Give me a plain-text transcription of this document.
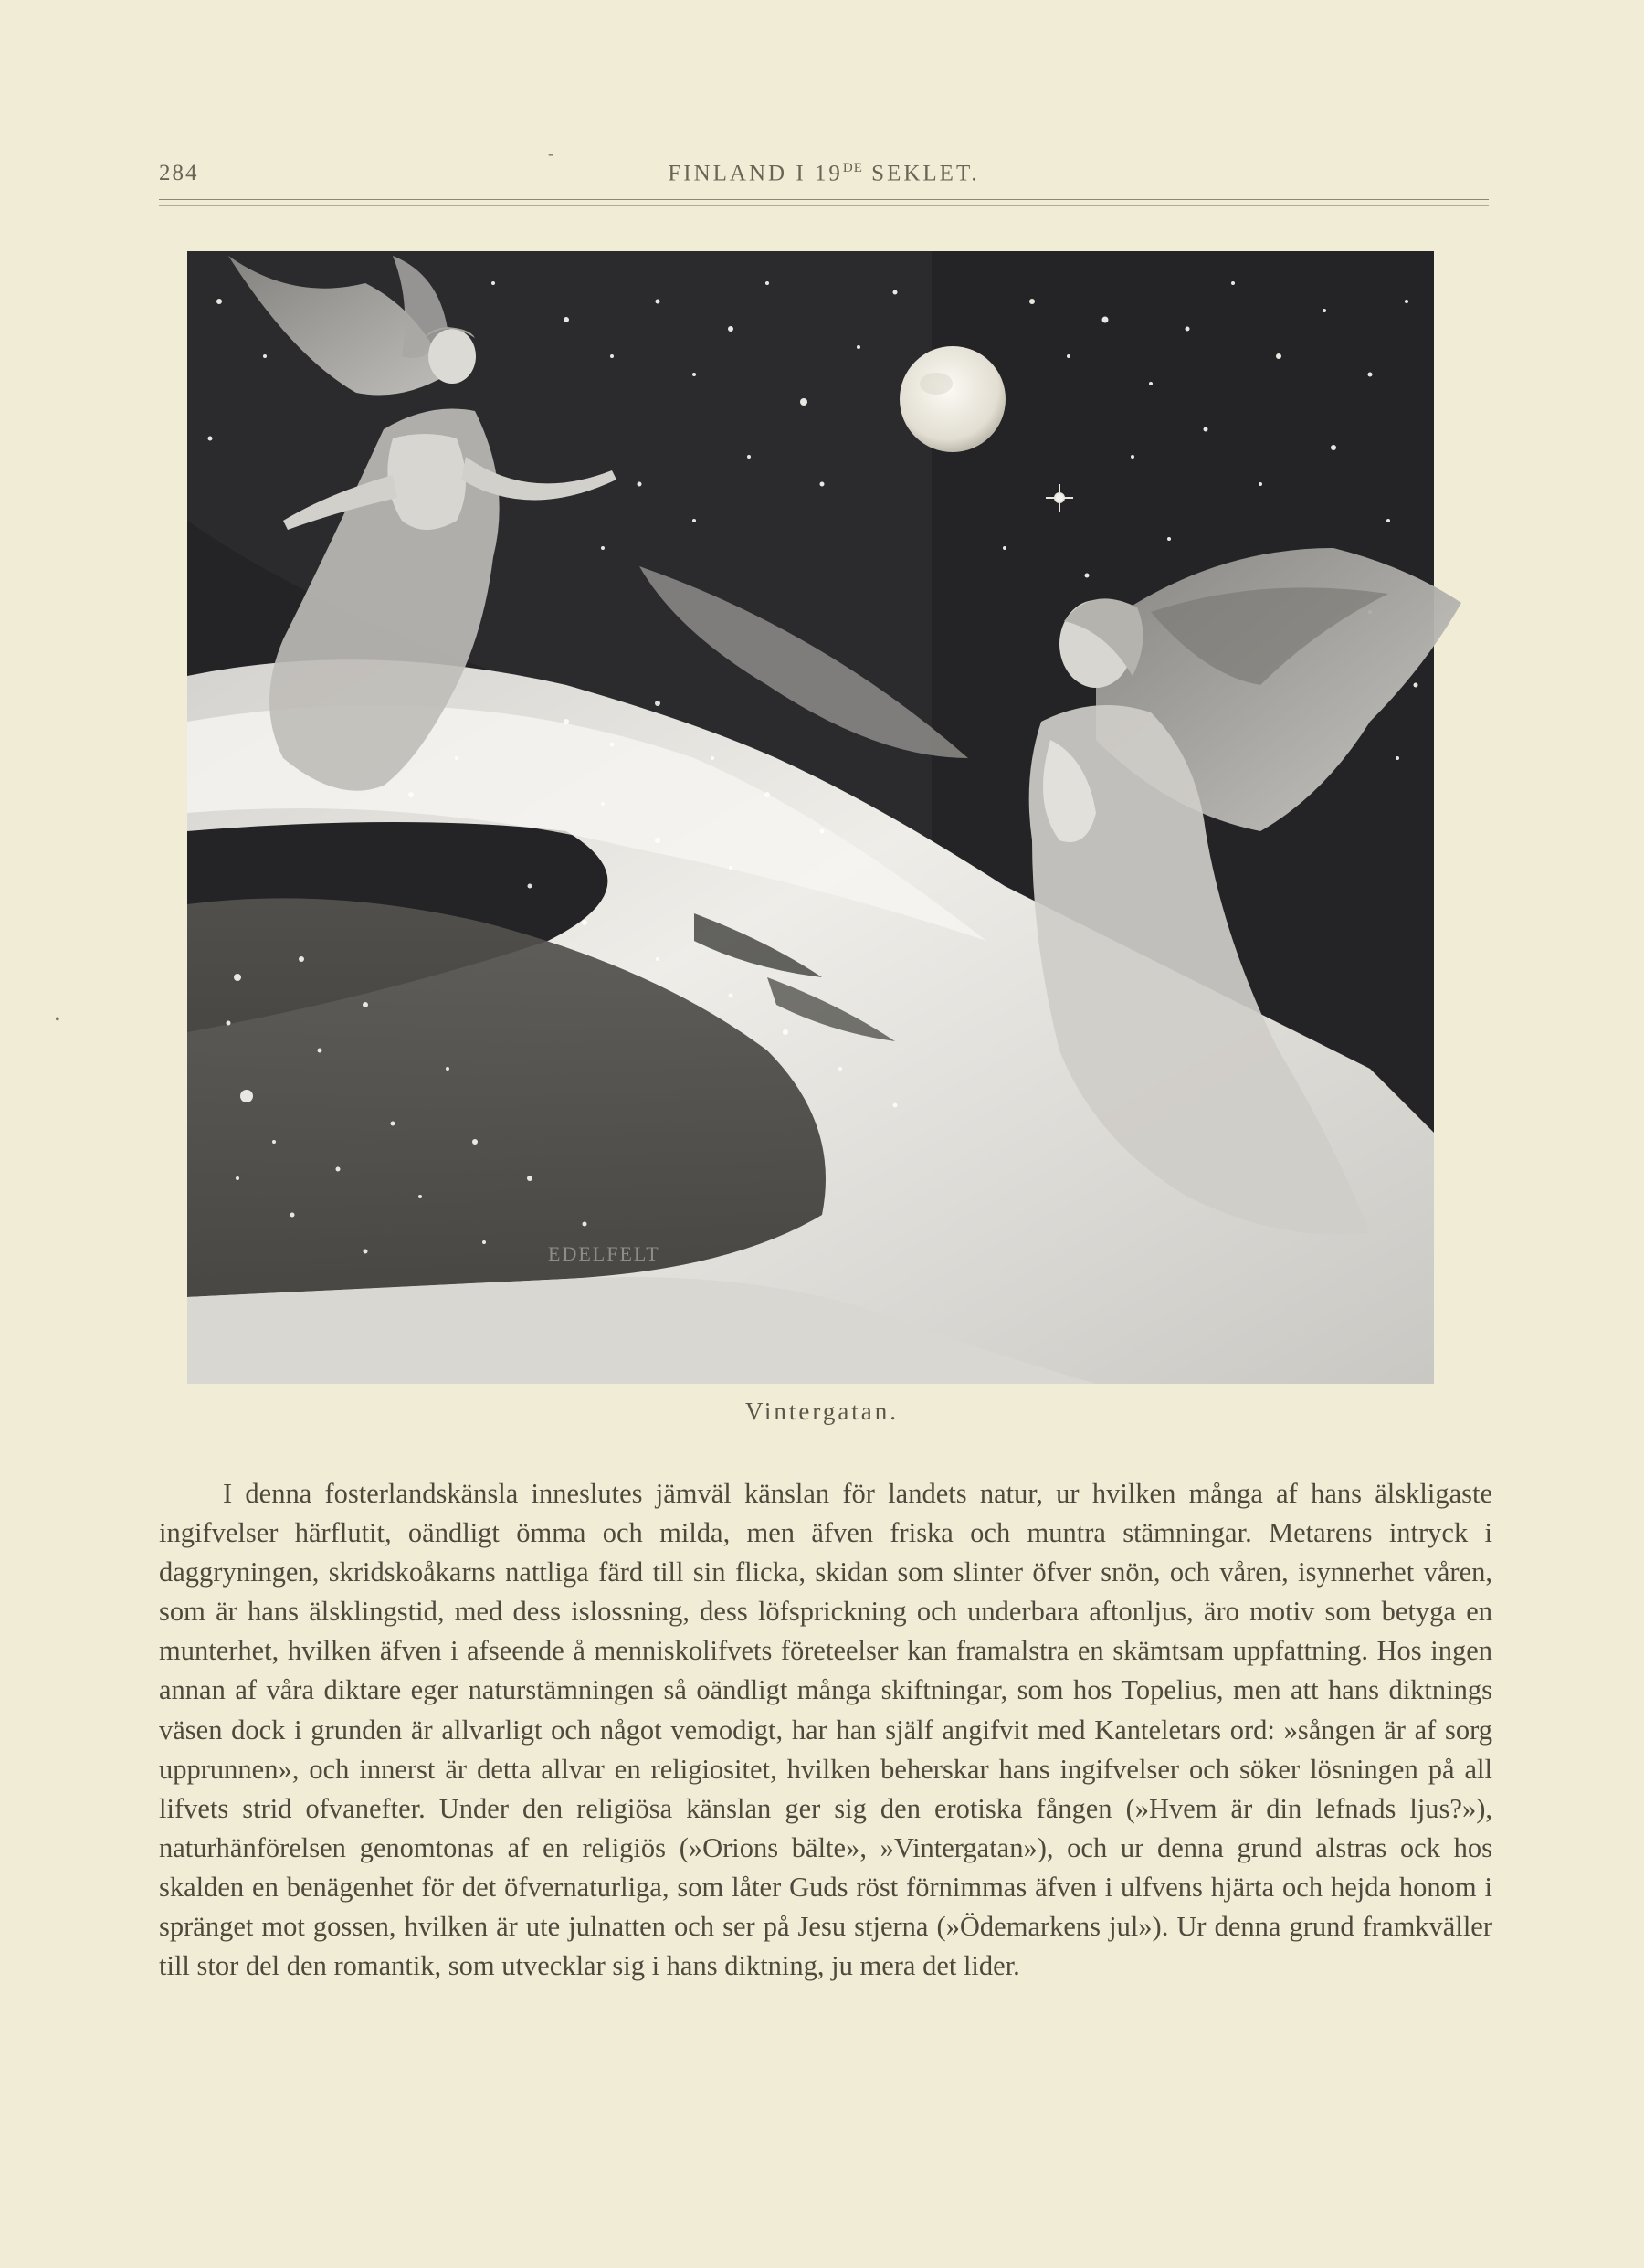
284	FINLAND I 19DE SEKLET.
-
•
EDELFELT
Vintergatan.

I denna fosterlandskänsla inneslutes jämväl känslan för landets natur, ur hvilken många af hans älskligaste ingifvelser härflutit, oändligt ömma och milda, men äfven friska och muntra stämningar. Metarens intryck i daggryningen, skridskoåkarns nattliga färd till sin flicka, skidan som slinter öfver snön, och våren, isynnerhet våren, som är hans älsklingstid, med dess islossning, dess löfsprickning och underbara aftonljus, äro motiv som betyga en munterhet, hvilken äfven i afseende å menniskolifvets företeelser kan framalstra en skämtsam uppfattning. Hos ingen annan af våra diktare eger naturstämningen så oändligt många skiftningar, som hos Topelius, men att hans diktnings väsen dock i grunden är allvarligt och något vemodigt, har han själf angifvit med Kanteletars ord: »sången är af sorg upprunnen», och innerst är detta allvar en religiositet, hvilken beherskar hans ingifvelser och söker lösningen på all lifvets strid ofvanefter. Under den religiösa känslan ger sig den erotiska fången (»Hvem är din lefnads ljus?»), naturhänförelsen genomtonas af en religiös (»Orions bälte», »Vintergatan»), och ur denna grund alstras ock hos skalden en benägenhet för det öfvernaturliga, som låter Guds röst förnimmas äfven i ulfvens hjärta och hejda honom i spränget mot gossen, hvilken är ute julnatten och ser på Jesu stjerna (»Ödemarkens jul»). Ur denna grund framkväller till stor del den romantik, som utvecklar sig i hans diktning, ju mera det lider.
